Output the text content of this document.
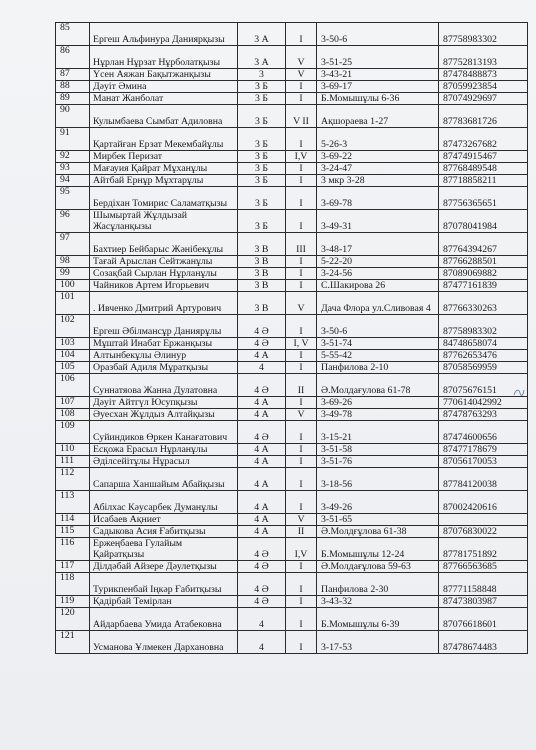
85	Ергеш Альфинура Даниярқызы	3 А	I	3-50-6	87758983302
86	Нұрлан Нұрзат Нұрболатқызы	3 А	V	3-51-25	87752813193
87	Үсен Аяжан Бақытжанқызы	3	V	3-43-21	87478488873
88	Дәуіт Әмина	3 Б	I	3-69-17	87059923854
89	Манат Жанболат	3 Б	I	Б.Момышұлы 6-36	87074929697
90	Кулымбаева Сымбат Адиловна	3 Б	V II	Ақшораева 1-27	87783681726
91	Қартайған Ерзат Мекембайұлы	3 Б	I	5-26-3	87473267682
92	Мирбек Перизат	3 Б	I,V	3-69-22	87474915467
93	Мағауия Қайрат Мұханұлы	3 Б	I	3-24-47	87768489548
94	Айтбай Ернұр Мұхтарұлы	3 Б	I	3 мкр 3-28	87718858211
95	Бердіхан Томирис Саламатқызы	3 Б	I	3-69-78	87756365651
96	Шымыртай Жұлдызай Жасұланқызы	3 Б	I	3-49-31	87078041984
97	Бахтиер Бейбарыс Жәнібекұлы	3 В	III	3-48-17	87764394267
98	Тағай Арыслан Сейтжанұлы	3 В	I	5-22-20	87766288501
99	Созақбай Сырлан Нұрланұлы	3 В	I	3-24-56	87089069882
100	Чайников Артем Игорьевич	3 В	I	С.Шакирова 26	87477161839
101	. Ивченко Дмитрий Артурович	3 В	V	Дача Флора ул.Сливовая 4	87766330263
102	Ергеш Әбілмансұр Даниярұлы	4 Ә	I	3-50-6	87758983302
103	Мұштай Инабат Ержанқызы	4 Ә	I, V	3-51-74	84748658074
104	Алтынбекұлы Әлинур	4 А	I	5-55-42	87762653476
105	Оразбай Адиля Мұратқызы	4	I	Панфилова 2-10	87058569959
106	Суннатяова Жанна Дулатовна	4 Ә	II	Ә.Молдағулова 61-78	87075676151
107	Дәуіт Айтгүл Юсупқызы	4 А	I	3-69-26	770614042992
108	Әуесхан Жұлдыз Алтайқызы	4 А	V	3-49-78	87478763293
109	Суйиндиков Өркен Канағатович	4 Ә	I	3-15-21	87474600656
110	Есқожа Ерасыл Нұрланұлы	4 А	I	3-51-58	87477178679
111	Әділсейітұлы Нұрасыл	4 А	I	3-51-76	87056170053
112	Сапарша Ханшайым Абайқызы	4 А	I	3-18-56	87784120038
113	Абілхас Кәусарбек Думанұлы	4 А	I	3-49-26	87002420616
114	Исабаев Ақниет	4 А	V	3-51-65	
115	Садыкова Асия Ғабитқызы	4 А	II	Ә.Молдғұлова 61-38	87076830022
116	Ержеңбаева Гулайым Қайратқызы	4 Ә	I,V	Б.Момышұлы 12-24	87781751892
117	Ділдәбай Айзере Дәулетқызы	4 Ә	I	Ә.Молдағұлова 59-63	87766563685
118	Турикпенбай Іңкәр Ғабитқызы	4 Ә	I	Панфилова 2-30	87771158848
119	Қадірбай Темірлан	4 Ә	I	3-43-32	87473803987
120	Айдарбаева Умида Атабековна	4	I	Б.Момышұлы 6-39	87076618601
121	Усманова Ұлмекен Дархановна	4	I	3-17-53	87478674483
